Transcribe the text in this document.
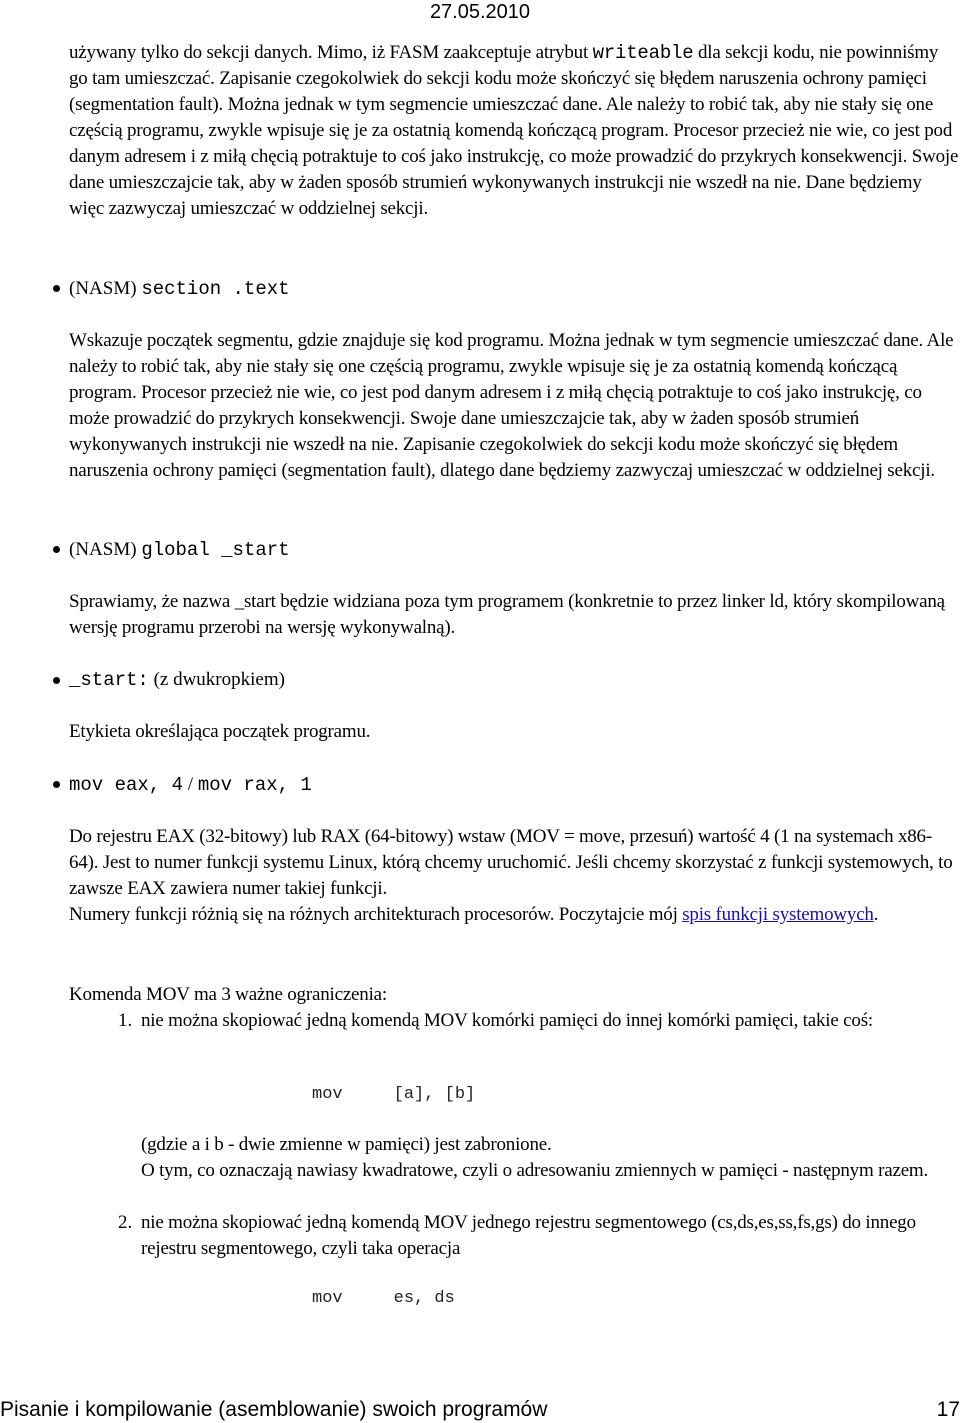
27.05.2010

używany tylko do sekcji danych. Mimo, iż FASM zaakceptuje atrybut writeable dla sekcji kodu, nie powinniśmy go tam umieszczać. Zapisanie czegokolwiek do sekcji kodu może skończyć się błędem naruszenia ochrony pamięci (segmentation fault). Można jednak w tym segmencie umieszczać dane. Ale należy to robić tak, aby nie stały się one częścią programu, zwykle wpisuje się je za ostatnią komendą kończącą program. Procesor przecież nie wie, co jest pod danym adresem i z miłą chęcią potraktuje to coś jako instrukcję, co może prowadzić do przykrych konsekwencji. Swoje dane umieszczajcie tak, aby w żaden sposób strumień wykonywanych instrukcji nie wszedł na nie. Dane będziemy więc zazwyczaj umieszczać w oddzielnej sekcji.

(NASM) section .text

Wskazuje początek segmentu, gdzie znajduje się kod programu. Można jednak w tym segmencie umieszczać dane. Ale należy to robić tak, aby nie stały się one częścią programu, zwykle wpisuje się je za ostatnią komendą kończącą program. Procesor przecież nie wie, co jest pod danym adresem i z miłą chęcią potraktuje to coś jako instrukcję, co może prowadzić do przykrych konsekwencji. Swoje dane umieszczajcie tak, aby w żaden sposób strumień wykonywanych instrukcji nie wszedł na nie. Zapisanie czegokolwiek do sekcji kodu może skończyć się błędem naruszenia ochrony pamięci (segmentation fault), dlatego dane będziemy zazwyczaj umieszczać w oddzielnej sekcji.

(NASM) global _start

Sprawiamy, że nazwa _start będzie widziana poza tym programem (konkretnie to przez linker ld, który skompilowaną wersję programu przerobi na wersję wykonywalną).

_start: (z dwukropkiem)

Etykieta określająca początek programu.

mov eax, 4 / mov rax, 1

Do rejestru EAX (32-bitowy) lub RAX (64-bitowy) wstaw (MOV = move, przesuń) wartość 4 (1 na systemach x86-64). Jest to numer funkcji systemu Linux, którą chcemy uruchomić. Jeśli chcemy skorzystać z funkcji systemowych, to zawsze EAX zawiera numer takiej funkcji.
Numery funkcji różnią się na różnych architekturach procesorów. Poczytajcie mój spis funkcji systemowych.

Komenda MOV ma 3 ważne ograniczenia:

1. nie można skopiować jedną komendą MOV komórki pamięci do innej komórki pamięci, takie coś:

mov     [a], [b]

(gdzie a i b - dwie zmienne w pamięci) jest zabronione.
O tym, co oznaczają nawiasy kwadratowe, czyli o adresowaniu zmiennych w pamięci - następnym razem.

2. nie można skopiować jedną komendą MOV jednego rejestru segmentowego (cs,ds,es,ss,fs,gs) do innego rejestru segmentowego, czyli taka operacja

mov     es, ds
Pisanie i kompilowanie (asemblowanie) swoich programów	17
